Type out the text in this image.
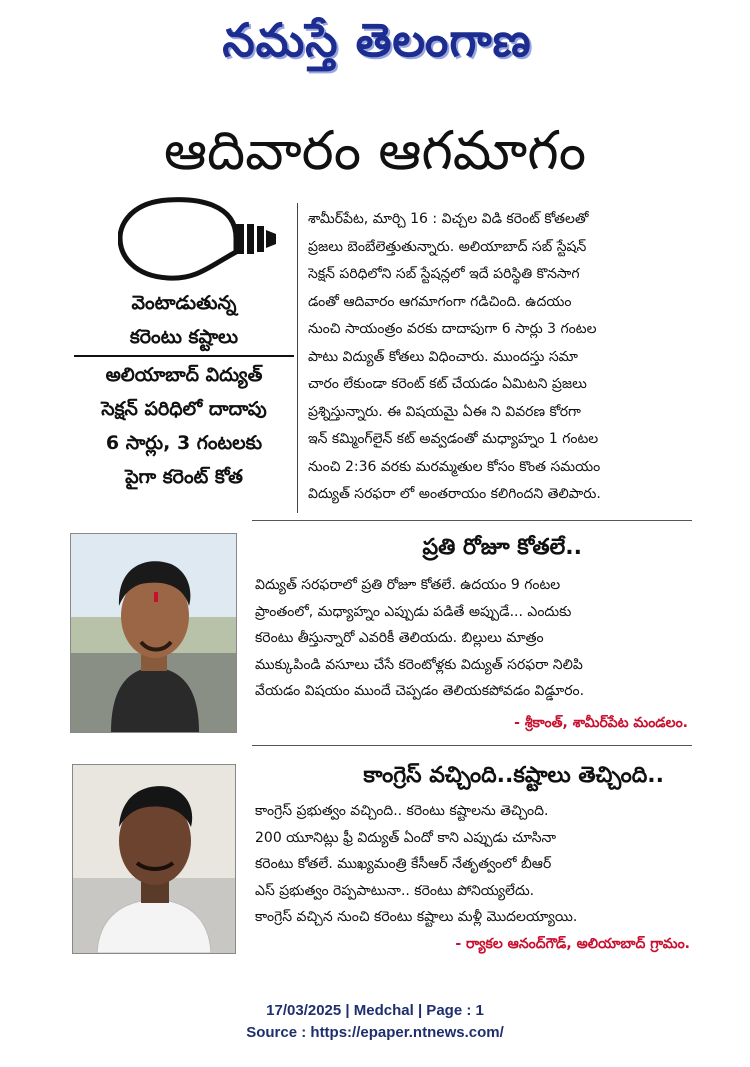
నమస్తే తెలంగాణ
ఆదివారం ఆగమాగం
వెంటాడుతున్న
కరెంటు కష్టాలు
అలియాబాద్ విద్యుత్
సెక్షన్ పరిధిలో దాదాపు
6 సార్లు, 3 గంటలకు
పైగా కరెంట్ కోత
శామీర్‌పేట, మార్చి 16 : విచ్చల విడి కరెంట్ కోతలతో
ప్రజలు బెంబేలెత్తుతున్నారు. అలియాబాద్ సబ్ స్టేషన్
సెక్షన్ పరిధిలోని సబ్ స్టేషన్లలో ఇదే పరిస్థితి కొనసాగ
డంతో ఆదివారం ఆగమాగంగా గడిచింది. ఉదయం
నుంచి సాయంత్రం వరకు దాదాపుగా 6 సార్లు 3 గంటల
పాటు విద్యుత్ కోతలు విధించారు. ముందస్తు సమా
చారం లేకుండా కరెంట్ కట్ చేయడం ఏమిటని ప్రజలు
ప్రశ్నిస్తున్నారు. ఈ విషయమై ఏఈ ని వివరణ కోరగా
ఇన్ కమ్మింగ్‌లైన్ కట్ అవ్వడంతో మధ్యాహ్నం 1 గంటల
నుంచి 2:36 వరకు మరమ్మతుల కోసం కొంత సమయం
విద్యుత్ సరఫరా లో అంతరాయం కలిగిందని తెలిపారు.
ప్రతి రోజూ కోతలే..
విద్యుత్ సరఫరాలో ప్రతి రోజూ కోతలే. ఉదయం 9 గంటల
ప్రాంతంలో, మధ్యాహ్నం ఎప్పుడు పడితే అప్పుడే... ఎందుకు
కరెంటు తీస్తున్నారో ఎవరికీ తెలియదు. బిల్లులు మాత్రం
ముక్కుపిండి వసూలు చేసే కరెంటోళ్లకు విద్యుత్ సరఫరా నిలిపి
వేయడం విషయం ముందే చెప్పడం తెలియకపోవడం విడ్డూరం.
- శ్రీకాంత్, శామీర్‌పేట మండలం.
కాంగ్రెస్ వచ్చింది..కష్టాలు తెచ్చింది..
కాంగ్రెస్ ప్రభుత్వం వచ్చింది.. కరెంటు కష్టాలను తెచ్చింది.
200 యూనిట్లు ఫ్రీ విద్యుత్ ఏందో కాని ఎప్పుడు చూసినా
కరెంటు కోతలే. ముఖ్యమంత్రి కేసీఆర్ నేతృత్వంలో బీఆర్
ఎస్ ప్రభుత్వం రెప్పపాటునా.. కరెంటు పోనియ్యలేదు.
కాంగ్రెస్ వచ్చిన నుంచి కరెంటు కష్టాలు మళ్లీ మొదలయ్యాయి.
- ర్యాకల ఆనంద్‌గౌడ్, అలియాబాద్ గ్రామం.
17/03/2025 | Medchal | Page : 1
Source : https://epaper.ntnews.com/
